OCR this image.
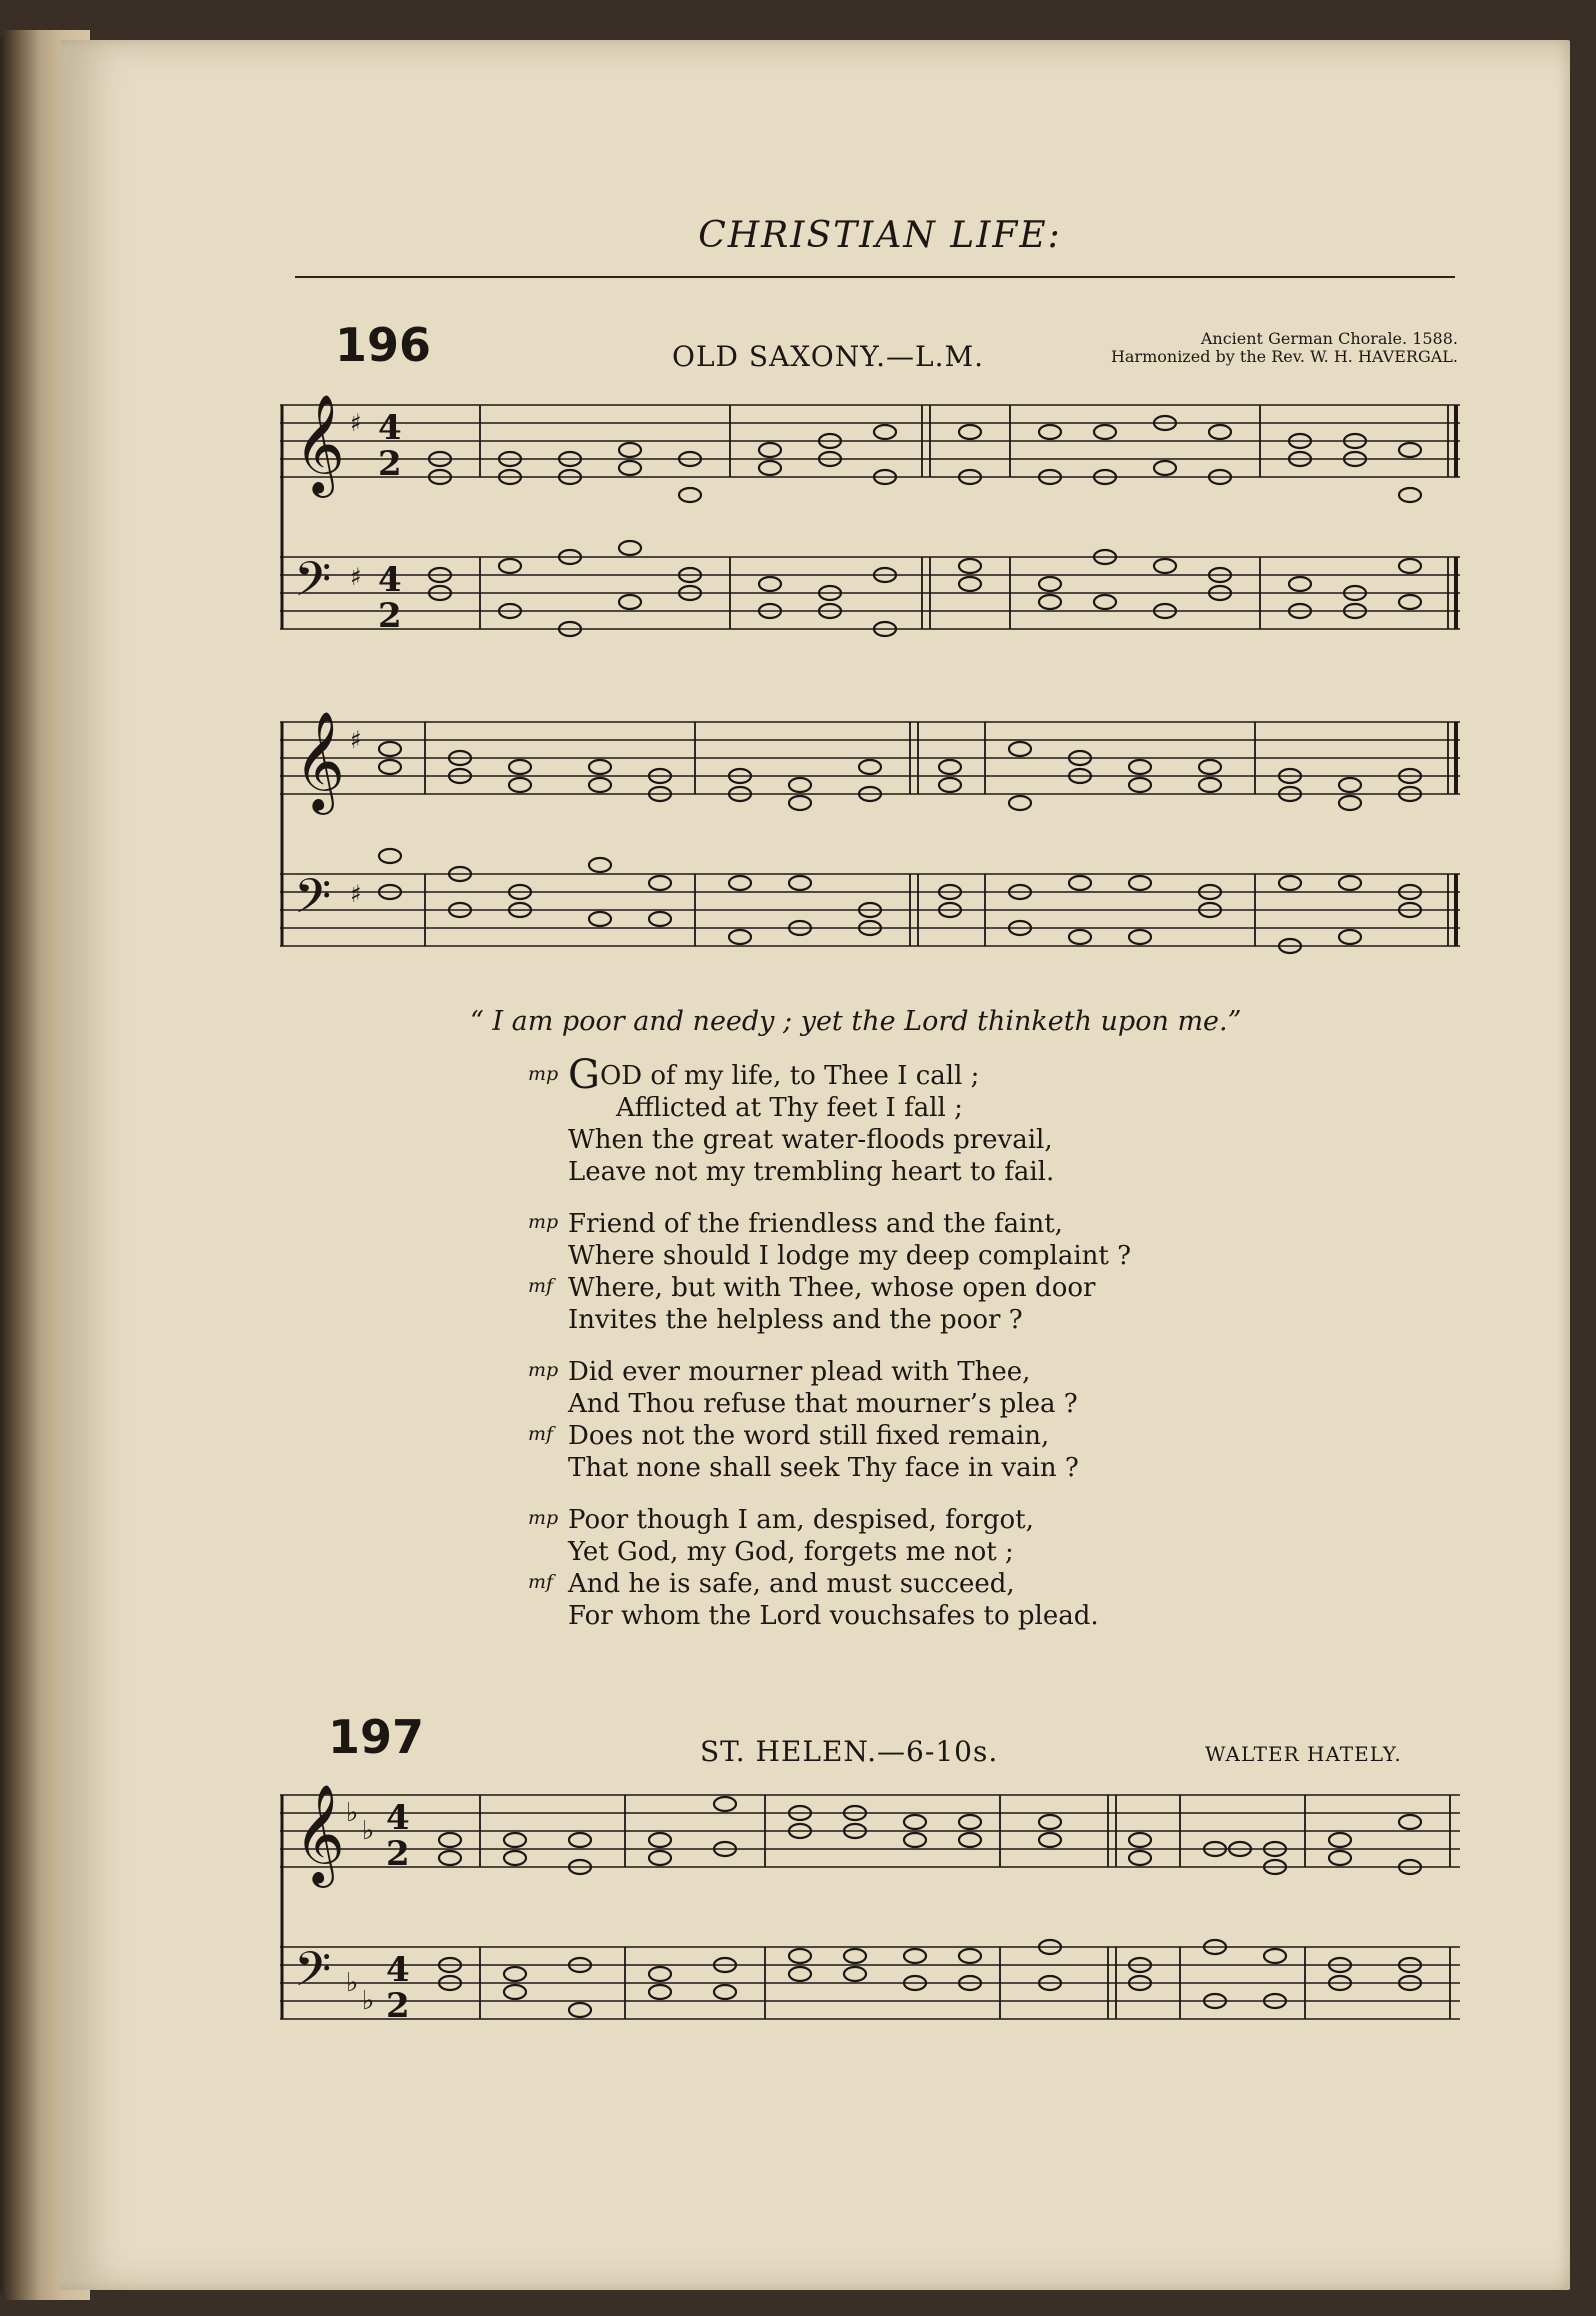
CHRISTIAN LIFE:
196	OLD SAXONY.—L.M.
Ancient German Chorale. 1588.
Harmonized by the Rev. W. H. HAVERGAL.
𝄞
𝄢
♯
♯
4
2
4
2
𝄞
𝄢
♯
♯
“ I am poor and needy ; yet the Lord thinketh upon me.”
mp GOD of my life, to Thee I call ;
Afflicted at Thy feet I fall ;
When the great water-floods prevail,
Leave not my trembling heart to fail.
mp Friend of the friendless and the faint,
Where should I lodge my deep complaint ?
mf Where, but with Thee, whose open door
Invites the helpless and the poor ?
mp Did ever mourner plead with Thee,
And Thou refuse that mourner’s plea ?
mf Does not the word still fixed remain,
That none shall seek Thy face in vain ?
mp Poor though I am, despised, forgot,
Yet God, my God, forgets me not ;
mf And he is safe, and must succeed,
For whom the Lord vouchsafes to plead.
197	ST. HELEN.—6-10s.	WALTER HATELY.
𝄞
𝄢
♭
♭
♭
♭
4
2
4
2
